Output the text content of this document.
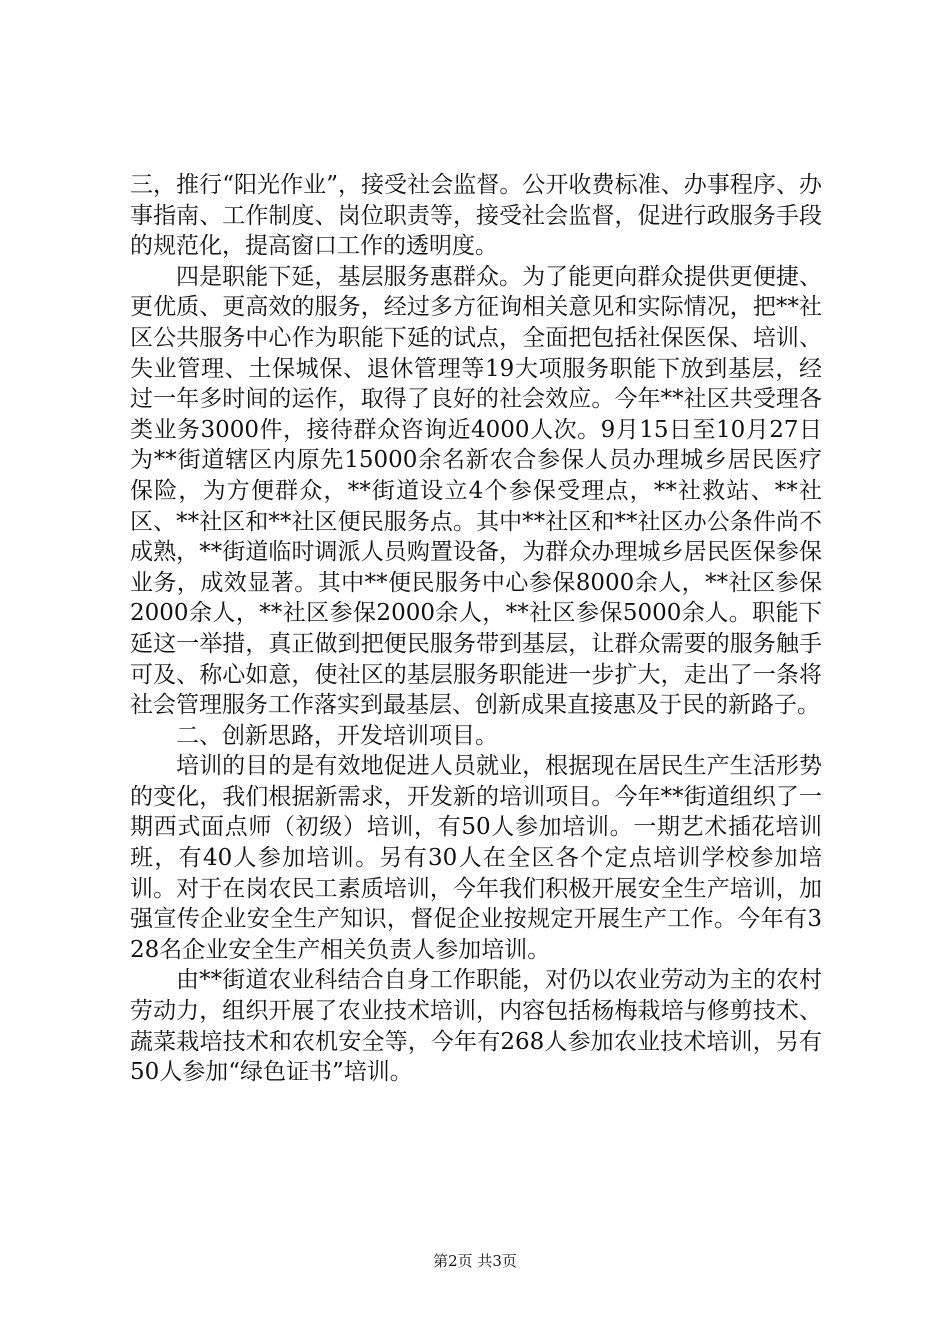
三，推行“阳光作业”，接受社会监督。公开收费标准、办事程序、办事指南、工作制度、岗位职责等，接受社会监督，促进行政服务手段的规范化，提高窗口工作的透明度。

四是职能下延，基层服务惠群众。为了能更向群众提供更便捷、更优质、更高效的服务，经过多方征询相关意见和实际情况，把**社区公共服务中心作为职能下延的试点，全面把包括社保医保、培训、失业管理、土保城保、退休管理等19大项服务职能下放到基层，经过一年多时间的运作，取得了良好的社会效应。今年**社区共受理各类业务3000件，接待群众咨询近4000人次。9月15日至10月27日为**街道辖区内原先15000余名新农合参保人员办理城乡居民医疗保险，为方便群众，**街道设立4个参保受理点，**社救站、**社区、**社区和**社区便民服务点。其中**社区和**社区办公条件尚不成熟，**街道临时调派人员购置设备，为群众办理城乡居民医保参保业务，成效显著。其中**便民服务中心参保8000余人，**社区参保2000余人，**社区参保2000余人，**社区参保5000余人。职能下延这一举措，真正做到把便民服务带到基层，让群众需要的服务触手可及、称心如意，使社区的基层服务职能进一步扩大，走出了一条将社会管理服务工作落实到最基层、创新成果直接惠及于民的新路子。

二、创新思路，开发培训项目。

培训的目的是有效地促进人员就业，根据现在居民生产生活形势的变化，我们根据新需求，开发新的培训项目。今年**街道组织了一期西式面点师（初级）培训，有50人参加培训。一期艺术插花培训班，有40人参加培训。另有30人在全区各个定点培训学校参加培训。对于在岗农民工素质培训，今年我们积极开展安全生产培训，加强宣传企业安全生产知识，督促企业按规定开展生产工作。今年有328名企业安全生产相关负责人参加培训。

由**街道农业科结合自身工作职能，对仍以农业劳动为主的农村劳动力，组织开展了农业技术培训，内容包括杨梅栽培与修剪技术、蔬菜栽培技术和农机安全等，今年有268人参加农业技术培训，另有50人参加“绿色证书”培训。

第2页 共3页
